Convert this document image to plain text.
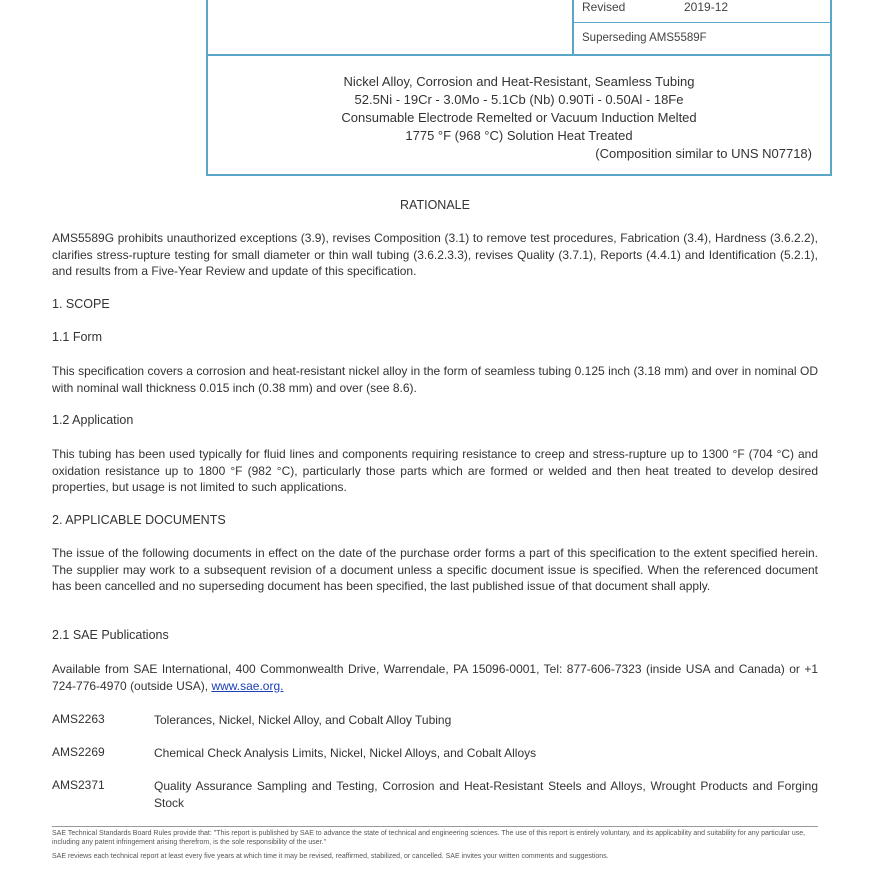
Revised	2019-12
Superseding AMS5589F
Nickel Alloy, Corrosion and Heat-Resistant, Seamless Tubing
52.5Ni - 19Cr - 3.0Mo - 5.1Cb (Nb) 0.90Ti - 0.50Al - 18Fe
Consumable Electrode Remelted or Vacuum Induction Melted
1775 °F (968 °C) Solution Heat Treated
(Composition similar to UNS N07718)
RATIONALE
AMS5589G prohibits unauthorized exceptions (3.9), revises Composition (3.1) to remove test procedures, Fabrication (3.4), Hardness (3.6.2.2), clarifies stress-rupture testing for small diameter or thin wall tubing (3.6.2.3.3), revises Quality (3.7.1), Reports (4.4.1) and Identification (5.2.1), and results from a Five-Year Review and update of this specification.
1. SCOPE
1.1 Form
This specification covers a corrosion and heat-resistant nickel alloy in the form of seamless tubing 0.125 inch (3.18 mm) and over in nominal OD with nominal wall thickness 0.015 inch (0.38 mm) and over (see 8.6).
1.2 Application
This tubing has been used typically for fluid lines and components requiring resistance to creep and stress-rupture up to 1300 °F (704 °C) and oxidation resistance up to 1800 °F (982 °C), particularly those parts which are formed or welded and then heat treated to develop desired properties, but usage is not limited to such applications.
2. APPLICABLE DOCUMENTS
The issue of the following documents in effect on the date of the purchase order forms a part of this specification to the extent specified herein. The supplier may work to a subsequent revision of a document unless a specific document issue is specified. When the referenced document has been cancelled and no superseding document has been specified, the last published issue of that document shall apply.
2.1 SAE Publications
Available from SAE International, 400 Commonwealth Drive, Warrendale, PA 15096-0001, Tel: 877-606-7323 (inside USA and Canada) or +1 724-776-4970 (outside USA), www.sae.org.
AMS2263	Tolerances, Nickel, Nickel Alloy, and Cobalt Alloy Tubing
AMS2269	Chemical Check Analysis Limits, Nickel, Nickel Alloys, and Cobalt Alloys
AMS2371	Quality Assurance Sampling and Testing, Corrosion and Heat-Resistant Steels and Alloys, Wrought Products and Forging Stock
SAE Technical Standards Board Rules provide that: "This report is published by SAE to advance the state of technical and engineering sciences. The use of this report is entirely voluntary, and its applicability and suitability for any particular use, including any patent infringement arising therefrom, is the sole responsibility of the user."
SAE reviews each technical report at least every five years at which time it may be revised, reaffirmed, stabilized, or cancelled. SAE invites your written comments and suggestions.
